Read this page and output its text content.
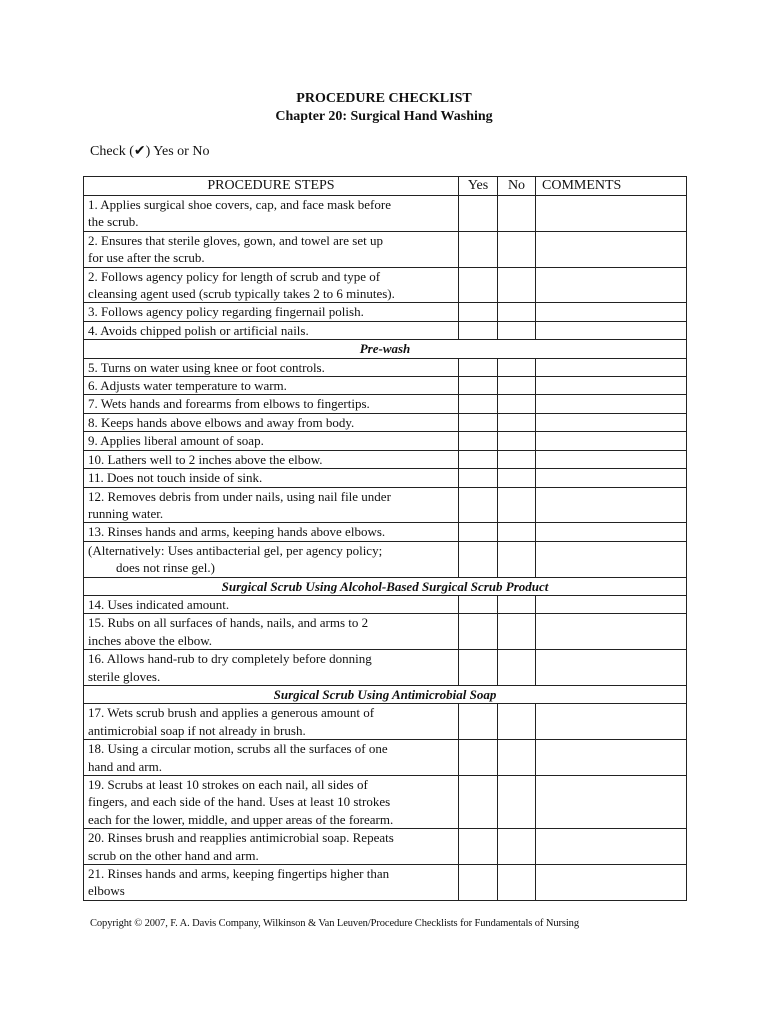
PROCEDURE CHECKLIST
Chapter 20: Surgical Hand Washing
Check (✔) Yes or No
PROCEDURE STEPS	Yes	No	COMMENTS

1. Applies surgical shoe covers, cap, and face mask before
the scrub.			

2. Ensures that sterile gloves, gown, and towel are set up
for use after the scrub.			

2. Follows agency policy for length of scrub and type of
cleansing agent used (scrub typically takes 2 to 6 minutes).			

3. Follows agency policy regarding fingernail polish.			

4. Avoids chipped polish or artificial nails.			

Pre-wash			

5. Turns on water using knee or foot controls.			

6. Adjusts water temperature to warm.			

7. Wets hands and forearms from elbows to fingertips.			

8. Keeps hands above elbows and away from body.			

9. Applies liberal amount of soap.			

10. Lathers well to 2 inches above the elbow.			

11. Does not touch inside of sink.			

12. Removes debris from under nails, using nail file under
running water.			

13. Rinses hands and arms, keeping hands above elbows.			

(Alternatively: Uses antibacterial gel, per agency policy;
does not rinse gel.)			

Surgical Scrub Using Alcohol-Based Surgical Scrub Product			

14. Uses indicated amount.			

15. Rubs on all surfaces of hands, nails, and arms to 2
inches above the elbow.			

16. Allows hand-rub to dry completely before donning
sterile gloves.			

Surgical Scrub Using Antimicrobial Soap			

17. Wets scrub brush and applies a generous amount of
antimicrobial soap if not already in brush.			

18. Using a circular motion, scrubs all the surfaces of one
hand and arm.			

19. Scrubs at least 10 strokes on each nail, all sides of
fingers, and each side of the hand. Uses at least 10 strokes
each for the lower, middle, and upper areas of the forearm.			

20. Rinses brush and reapplies antimicrobial soap. Repeats
scrub on the other hand and arm.			

21. Rinses hands and arms, keeping fingertips higher than
elbows			

Copyright © 2007, F. A. Davis Company, Wilkinson & Van Leuven/Procedure Checklists for Fundamentals of Nursing
